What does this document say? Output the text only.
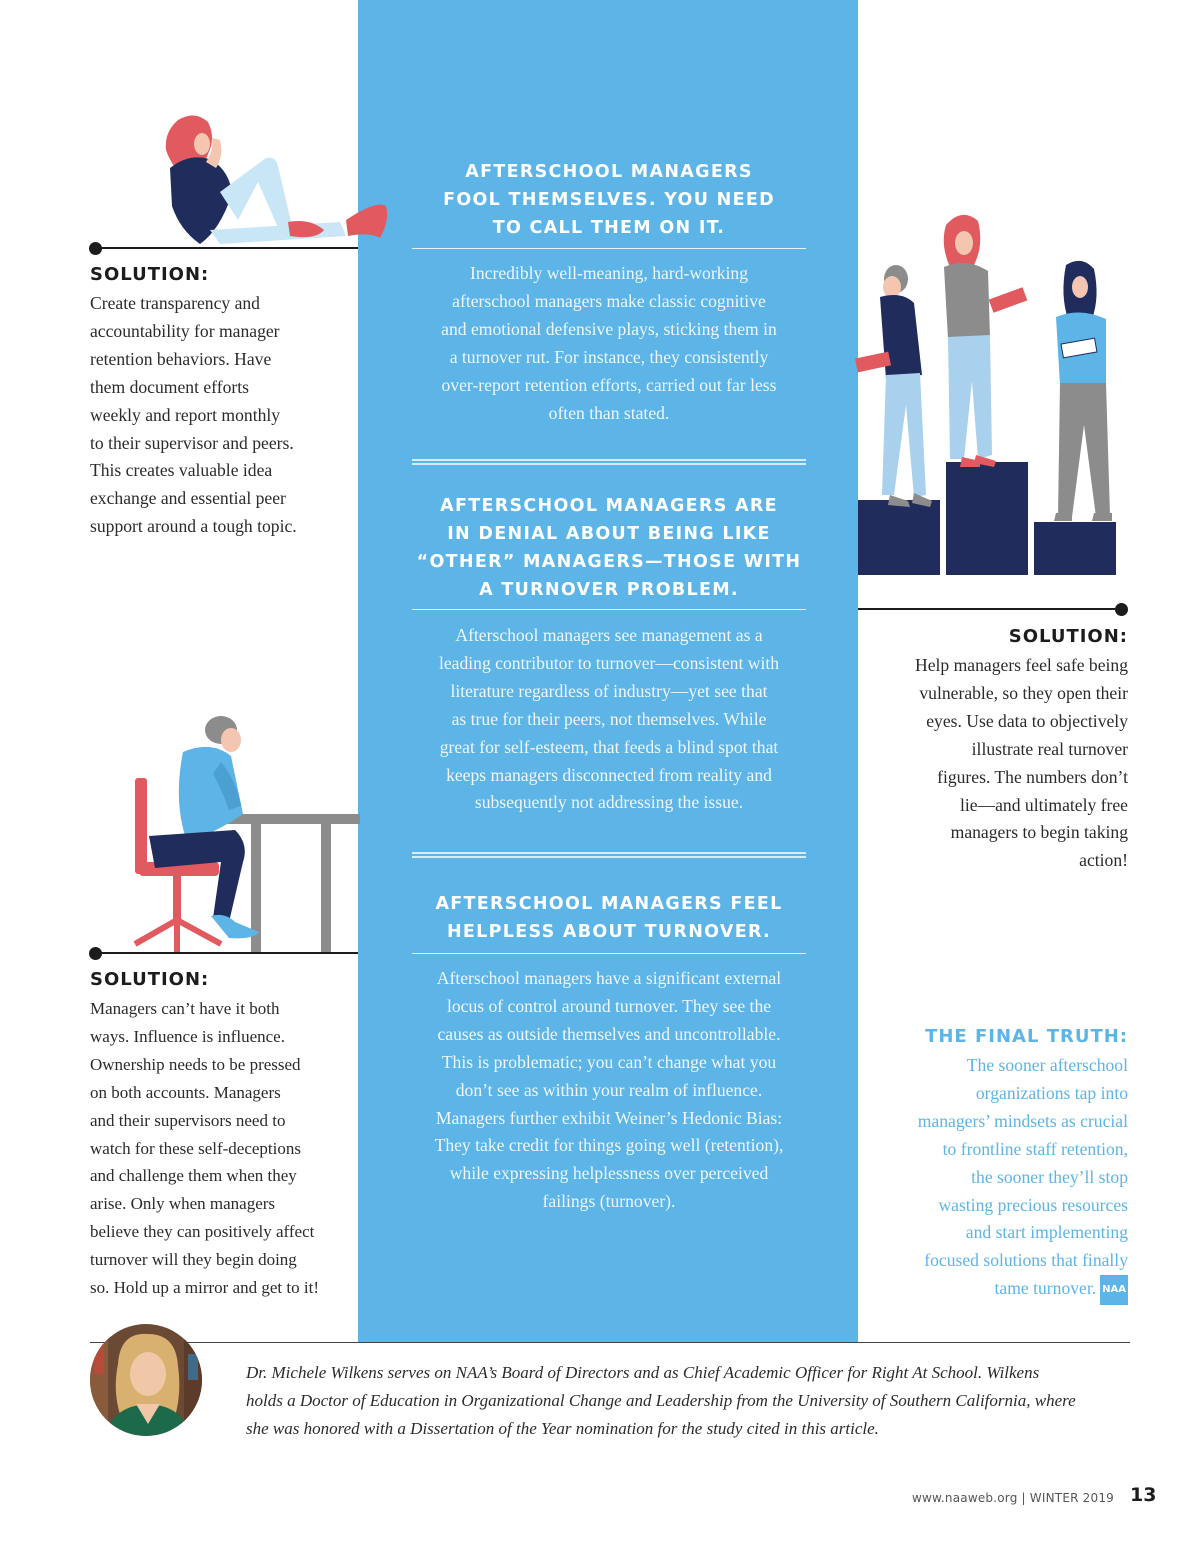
AFTERSCHOOL MANAGERS
FOOL THEMSELVES. YOU NEED
TO CALL THEM ON IT.
Incredibly well-meaning, hard-working
afterschool managers make classic cognitive
and emotional defensive plays, sticking them in
a turnover rut. For instance, they consistently
over-report retention efforts, carried out far less
often than stated.
AFTERSCHOOL MANAGERS ARE
IN DENIAL ABOUT BEING LIKE
“OTHER” MANAGERS—THOSE WITH
A TURNOVER PROBLEM.
Afterschool managers see management as a
leading contributor to turnover—consistent with
literature regardless of industry—yet see that
as true for their peers, not themselves. While
great for self-esteem, that feeds a blind spot that
keeps managers disconnected from reality and
subsequently not addressing the issue.
AFTERSCHOOL MANAGERS FEEL
HELPLESS ABOUT TURNOVER.
Afterschool managers have a significant external
locus of control around turnover. They see the
causes as outside themselves and uncontrollable.
This is problematic; you can’t change what you
don’t see as within your realm of influence.
Managers further exhibit Weiner’s Hedonic Bias:
They take credit for things going well (retention),
while expressing helplessness over perceived
failings (turnover).
SOLUTION:
Create transparency and
accountability for manager
retention behaviors. Have
them document efforts
weekly and report monthly
to their supervisor and peers.
This creates valuable idea
exchange and essential peer
support around a tough topic.
SOLUTION:
Help managers feel safe being
vulnerable, so they open their
eyes. Use data to objectively
illustrate real turnover
figures. The numbers don’t
lie—and ultimately free
managers to begin taking
action!
SOLUTION:
Managers can’t have it both
ways. Influence is influence.
Ownership needs to be pressed
on both accounts. Managers
and their supervisors need to
watch for these self-deceptions
and challenge them when they
arise. Only when managers
believe they can positively affect
turnover will they begin doing
so. Hold up a mirror and get to it!
THE FINAL TRUTH:
The sooner afterschool
organizations tap into
managers’ mindsets as crucial
to frontline staff retention,
the sooner they’ll stop
wasting precious resources
and start implementing
focused solutions that finally
tame turnover. NAA
Dr. Michele Wilkens serves on NAA’s Board of Directors and as Chief Academic Officer for Right At School. Wilkens
holds a Doctor of Education in Organizational Change and Leadership from the University of Southern California, where
she was honored with a Dissertation of the Year nomination for the study cited in this article.
www.naaweb.org | WINTER 2019 13
